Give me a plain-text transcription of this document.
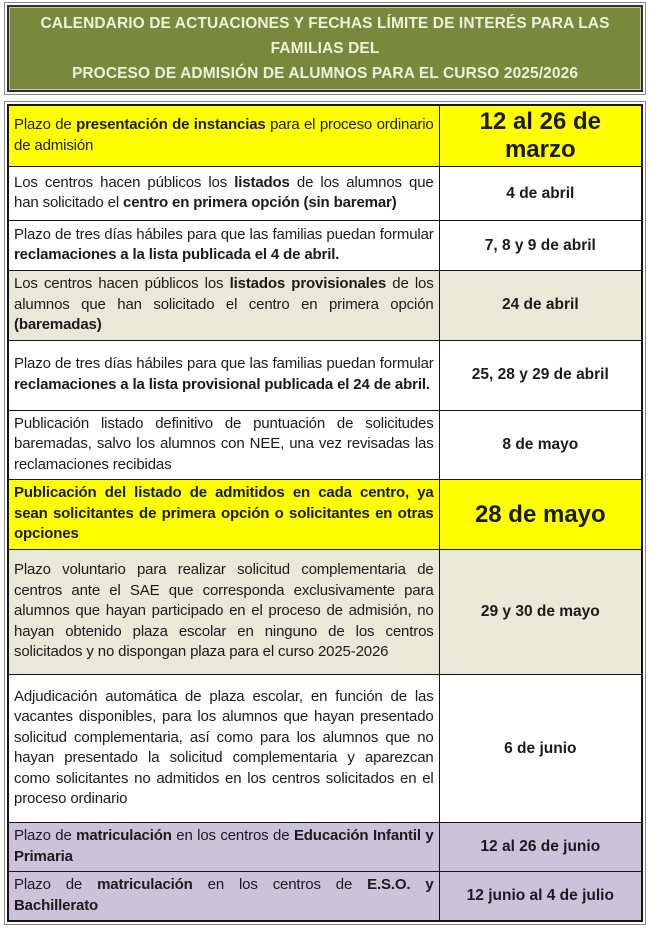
CALENDARIO DE ACTUACIONES Y FECHAS LÍMITE DE INTERÉS PARA LAS FAMILIAS DEL
PROCESO DE ADMISIÓN DE ALUMNOS PARA EL CURSO 2025/2026
Plazo de presentación de instancias para el proceso ordinario de admisión	12 al 26 de marzo
Los centros hacen públicos los listados de los alumnos que han solicitado el centro en primera opción (sin baremar)	4 de abril
Plazo de tres días hábiles para que las familias puedan formular reclamaciones a la lista publicada el 4 de abril.	7, 8 y 9 de abril
Los centros hacen públicos los listados provisionales de los alumnos que han solicitado el centro en primera opción (baremadas)	24 de abril
Plazo de tres días hábiles para que las familias puedan formular reclamaciones a la lista provisional publicada el 24 de abril.	25, 28 y 29 de abril
Publicación listado definitivo de puntuación de solicitudes baremadas, salvo los alumnos con NEE, una vez revisadas las reclamaciones recibidas	8 de mayo
Publicación del listado de admitidos en cada centro, ya sean solicitantes de primera opción o solicitantes en otras opciones	28 de mayo
Plazo voluntario para realizar solicitud complementaria de centros ante el SAE que corresponda exclusivamente para alumnos que hayan participado en el proceso de admisión, no hayan obtenido plaza escolar en ninguno de los centros solicitados y no dispongan plaza para el curso 2025-2026	29 y 30 de mayo
Adjudicación automática de plaza escolar, en función de las vacantes disponibles, para los alumnos que hayan presentado solicitud complementaria, así como para los alumnos que no hayan presentado la solicitud complementaria y aparezcan como solicitantes no admitidos en los centros solicitados en el proceso ordinario	6 de junio
Plazo de matriculación en los centros de Educación Infantil y Primaria	12 al 26 de junio
Plazo de matriculación en los centros de E.S.O. y Bachillerato	12 junio al 4 de julio
